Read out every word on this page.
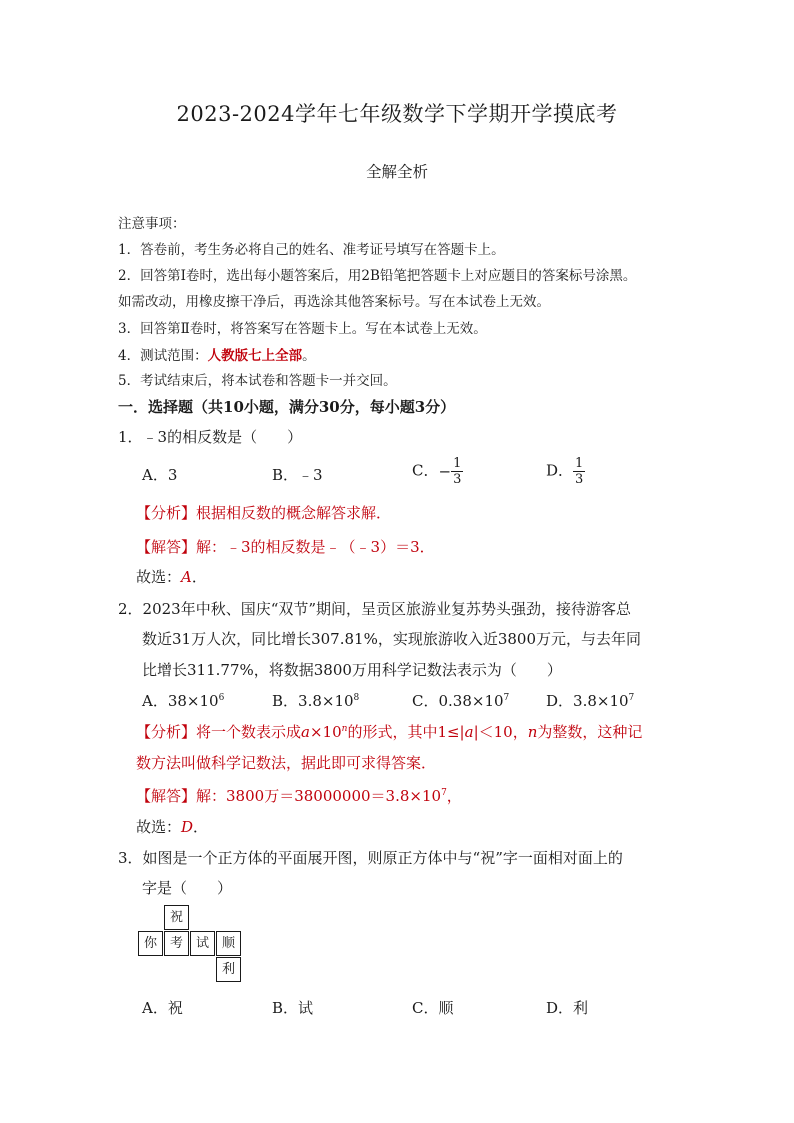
2023-2024学年七年级数学下学期开学摸底考
全解全析
注意事项：
1．答卷前，考生务必将自己的姓名、准考证号填写在答题卡上。
2．回答第Ⅰ卷时，选出每小题答案后，用2B铅笔把答题卡上对应题目的答案标号涂黑。
如需改动，用橡皮擦干净后，再选涂其他答案标号。写在本试卷上无效。
3．回答第Ⅱ卷时，将答案写在答题卡上。写在本试卷上无效。
4．测试范围：人教版七上全部。
5．考试结束后，将本试卷和答题卡一并交回。
一．选择题（共10小题，满分30分，每小题3分）
1．﹣3的相反数是（　　）
A．3	B．﹣3	C．− $\frac{1}{3}$	D． $\frac{1}{3}$
【分析】根据相反数的概念解答求解．
【解答】解：﹣3的相反数是﹣（﹣3）＝3．
故选：A．
2．2023年中秋、国庆“双节”期间，呈贡区旅游业复苏势头强劲，接待游客总
数近31万人次，同比增长307.81%，实现旅游收入近3800万元，与去年同
比增长311.77%，将数据3800万用科学记数法表示为（　　）
A．$38\times 10^6$	B．$3.8\times 10^8$	C．$0.38\times 10^7$ D．$3.8\times 10^7$
【分析】将一个数表示成$a\times 10^n$的形式，其中1≤|a|＜10，n为整数，这种记
数方法叫做科学记数法，据此即可求得答案．
【解答】解：3800万$=38000000=3.8\times 10^7$，
故选：D．
3．如图是一个正方体的平面展开图，则原正方体中与“祝”字一面相对面上的
字是（　　）
祝
你 考 试 顺
利
A．祝	B．试	C．顺	D．利
